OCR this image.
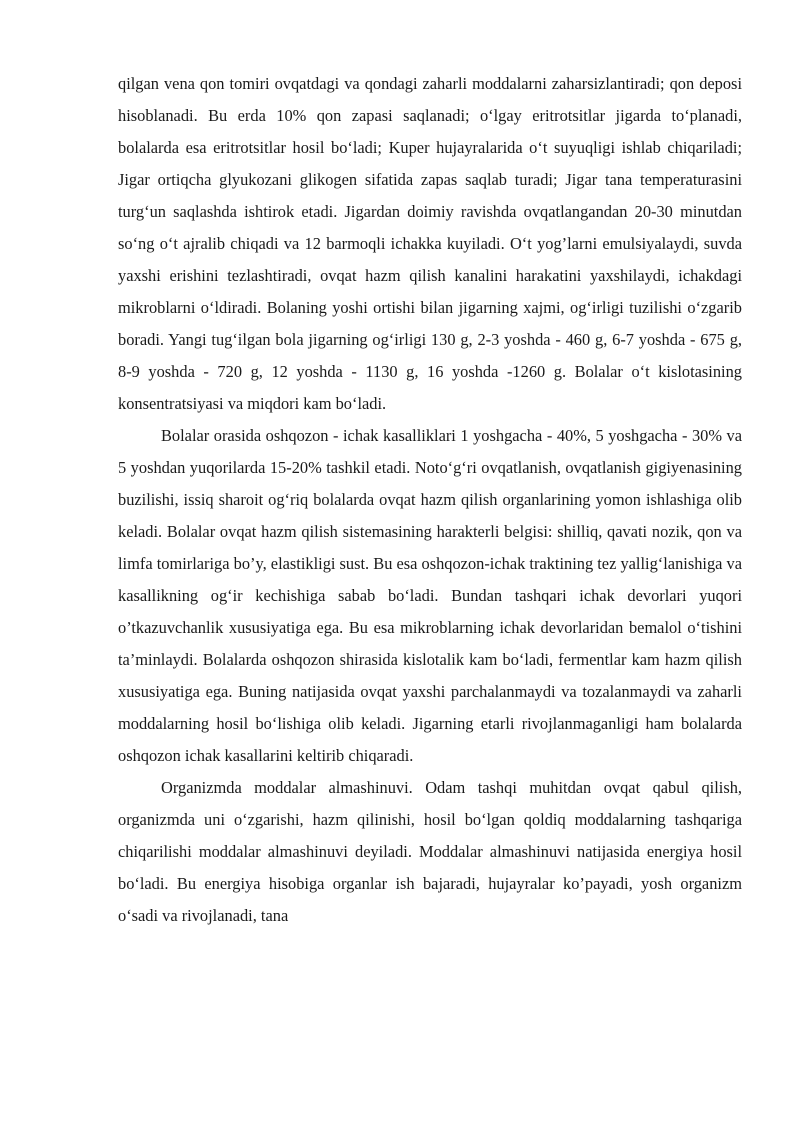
qilgan vena qon tomiri ovqatdagi va qondagi zaharli moddalarni zaharsizlantiradi; qon deposi hisoblanadi. Bu erda 10% qon zapasi saqlanadi; o‘lgay eritrotsitlar jigarda to‘planadi, bolalarda esa eritrotsitlar hosil bo‘ladi; Kuper hujayralarida o‘t suyuqligi ishlab chiqariladi; Jigar ortiqcha glyukozani glikogen sifatida zapas saqlab turadi; Jigar tana temperaturasini turg‘un saqlashda ishtirok etadi. Jigardan doimiy ravishda ovqatlangandan 20-30 minutdan so‘ng o‘t ajralib chiqadi va 12 barmoqli ichakka kuyiladi. O‘t yog’larni emulsiyalaydi, suvda yaxshi erishini tezlashtiradi, ovqat hazm qilish kanalini harakatini yaxshilaydi, ichakdagi mikroblarni o‘ldiradi. Bolaning yoshi ortishi bilan jigarning xajmi, og‘irligi tuzilishi o‘zgarib boradi. Yangi tug‘ilgan bola jigarning og‘irligi 130 g, 2-3 yoshda - 460 g, 6-7 yoshda - 675 g, 8-9 yoshda - 720 g, 12 yoshda - 1130 g, 16 yoshda -1260 g. Bolalar o‘t kislotasining konsentratsiyasi va miqdori kam bo‘ladi.

Bolalar orasida oshqozon - ichak kasalliklari 1 yoshgacha - 40%, 5 yoshgacha - 30% va 5 yoshdan yuqorilarda 15-20% tashkil etadi. Noto‘g‘ri ovqatlanish, ovqatlanish gigiyenasining buzilishi, issiq sharoit og‘riq bolalarda ovqat hazm qilish organlarining yomon ishlashiga olib keladi. Bolalar ovqat hazm qilish sistemasining harakterli belgisi: shilliq, qavati nozik, qon va limfa tomirlariga bo’y, elastikligi sust. Bu esa oshqozon-ichak traktining tez yallig‘lanishiga va kasallikning og‘ir kechishiga sabab bo‘ladi. Bundan tashqari ichak devorlari yuqori o’tkazuvchanlik xususiyatiga ega. Bu esa mikroblarning ichak devorlaridan bemalol o‘tishini ta’minlaydi. Bolalarda oshqozon shirasida kislotalik kam bo‘ladi, fermentlar kam hazm qilish xususiyatiga ega. Buning natijasida ovqat yaxshi parchalanmaydi va tozalanmaydi va zaharli moddalarning hosil bo‘lishiga olib keladi. Jigarning etarli rivojlanmaganligi ham bolalarda oshqozon ichak kasallarini keltirib chiqaradi.

Organizmda moddalar almashinuvi. Odam tashqi muhitdan ovqat qabul qilish, organizmda uni o‘zgarishi, hazm qilinishi, hosil bo‘lgan qoldiq moddalarning tashqariga chiqarilishi moddalar almashinuvi deyiladi. Moddalar almashinuvi natijasida energiya hosil bo‘ladi. Bu energiya hisobiga organlar ish bajaradi, hujayralar ko’payadi, yosh organizm o‘sadi va rivojlanadi, tana
